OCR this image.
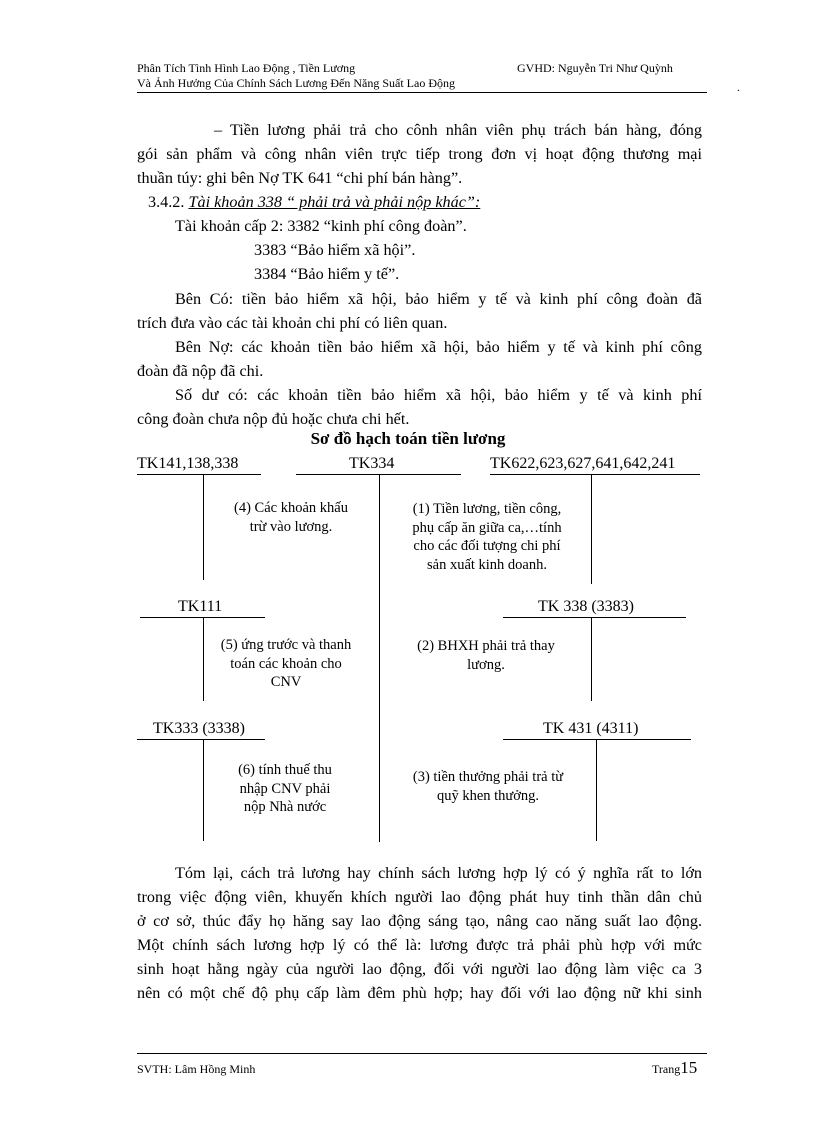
Phân Tích Tình Hình Lao Động , Tiền Lương
Và Ảnh Hưởng Của Chính Sách Lương Đến Năng Suất Lao Động
GVHD: Nguyễn Tri Như Quỳnh
.
– Tiền lương phải trả cho cônh nhân viên phụ trách bán hàng, đóng
gói sản phẩm và công nhân viên trực tiếp trong đơn vị hoạt động thương mại
thuần túy: ghi bên Nợ TK 641 “chi phí bán hàng”.
3.4.2. Tài khoản 338 “ phải trả và phải nộp khác”:
Tài khoản cấp 2: 3382 “kinh phí công đoàn”.
3383 “Bảo hiểm xã hội”.
3384 “Bảo hiểm y tế”.
Bên Có: tiền bảo hiểm xã hội, bảo hiểm y tế và kinh phí công đoàn đã
trích đưa vào các tài khoản chi phí có liên quan.
Bên Nợ: các khoản tiền bảo hiểm xã hội, bảo hiểm y tế và kinh phí công
đoàn đã nộp đã chi.
Số dư có: các khoản tiền bảo hiểm xã hội, bảo hiểm y tế và kinh phí
công đoàn chưa nộp đủ hoặc chưa chi hết.
Sơ đồ hạch toán tiền lương
TK141,138,338	TK334	TK622,623,627,641,642,241
(4) Các khoản khấu
trừ vào lương.
(1) Tiền lương, tiền công,
phụ cấp ăn giữa ca,…tính
cho các đối tượng chi phí
sản xuất kinh doanh.
TK111	TK 338 (3383)
(5) ứng trước và thanh
toán các khoản cho
CNV
(2) BHXH phải trả thay
lương.
TK333 (3338)	TK 431 (4311)
(6) tính thuế thu
nhập CNV phải
nộp Nhà nước
(3) tiền thưởng phải trả từ
quỹ khen thưởng.
Tóm lại, cách trả lương hay chính sách lương hợp lý có ý nghĩa rất to lớn
trong việc động viên, khuyến khích người lao động phát huy tinh thần dân chủ
ở cơ sở, thúc đẩy họ hăng say lao động sáng tạo, nâng cao năng suất lao động.
Một chính sách lương hợp lý có thể là: lương được trả phải phù hợp với mức
sinh hoạt hằng ngày của người lao động, đối với người lao động làm việc ca 3
nên có một chế độ phụ cấp làm đêm phù hợp; hay đối với lao động nữ khi sinh
SVTH: Lâm Hồng Minh	Trang15
